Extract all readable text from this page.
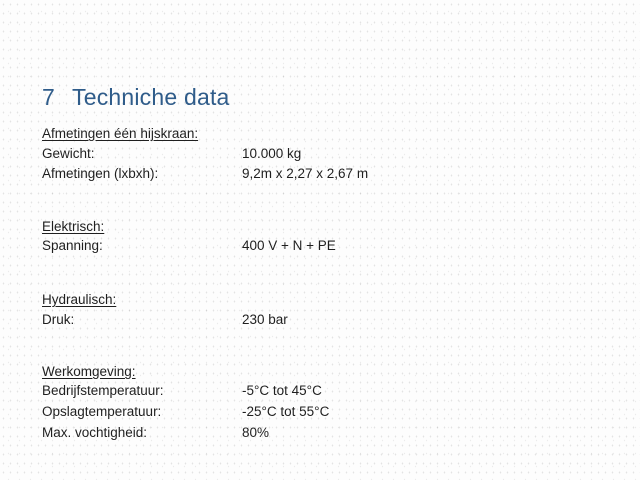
7 Techniche data
Afmetingen één hijskraan:
Gewicht:	10.000 kg
Afmetingen (lxbxh):	9,2m x 2,27 x 2,67 m
Elektrisch:
Spanning:	400 V + N + PE
Hydraulisch:
Druk:	230 bar
Werkomgeving:
Bedrijfstemperatuur:	-5°C tot 45°C
Opslagtemperatuur:	-25°C tot 55°C
Max. vochtigheid:	80%
